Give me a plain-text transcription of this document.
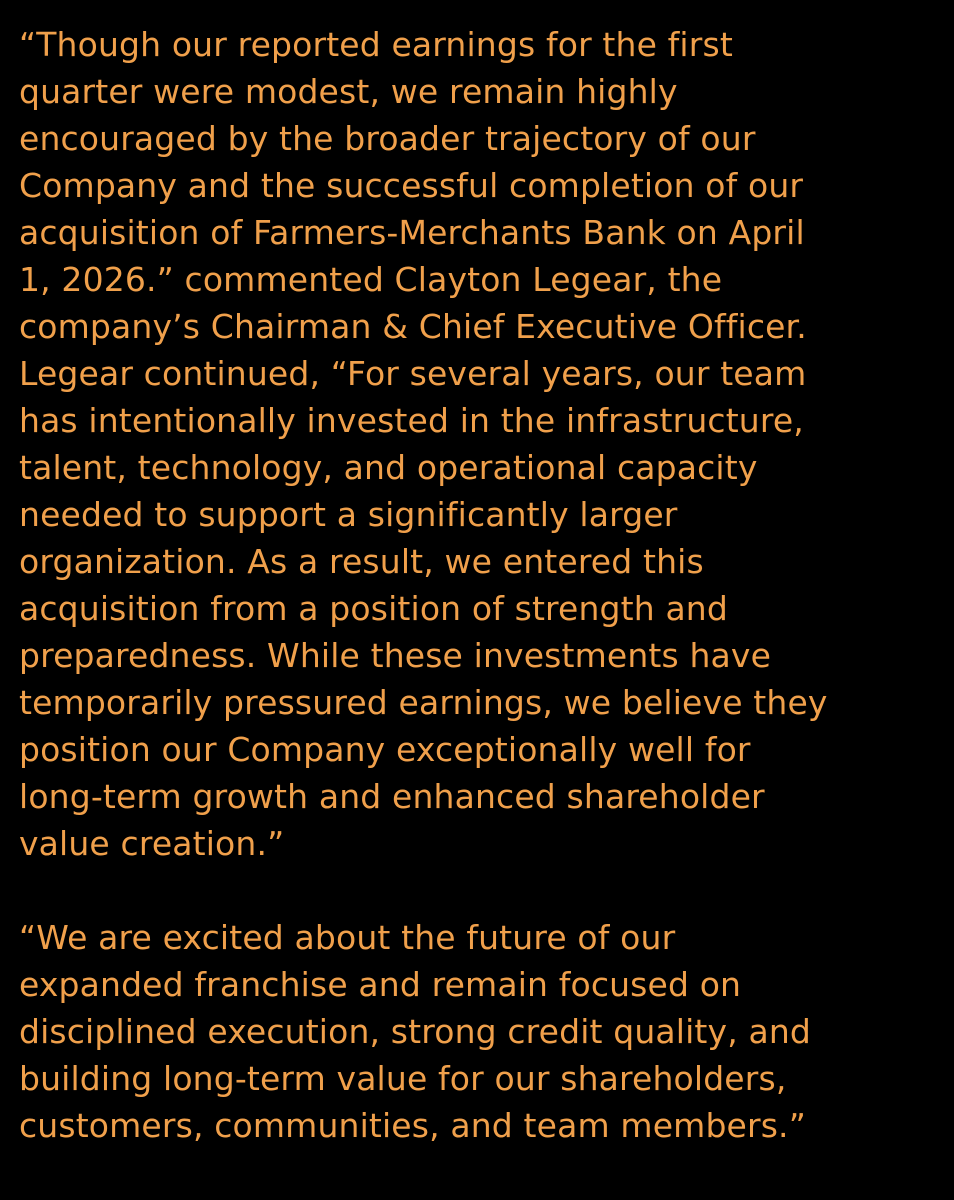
“Though our reported earnings for the first
quarter were modest, we remain highly
encouraged by the broader trajectory of our
Company and the successful completion of our
acquisition of Farmers-Merchants Bank on April
1, 2026.” commented Clayton Legear, the
company’s Chairman & Chief Executive Officer.
Legear continued, “For several years, our team
has intentionally invested in the infrastructure,
talent, technology, and operational capacity
needed to support a significantly larger
organization. As a result, we entered this
acquisition from a position of strength and
preparedness. While these investments have
temporarily pressured earnings, we believe they
position our Company exceptionally well for
long-term growth and enhanced shareholder
value creation.”
“We are excited about the future of our
expanded franchise and remain focused on
disciplined execution, strong credit quality, and
building long-term value for our shareholders,
customers, communities, and team members.”
